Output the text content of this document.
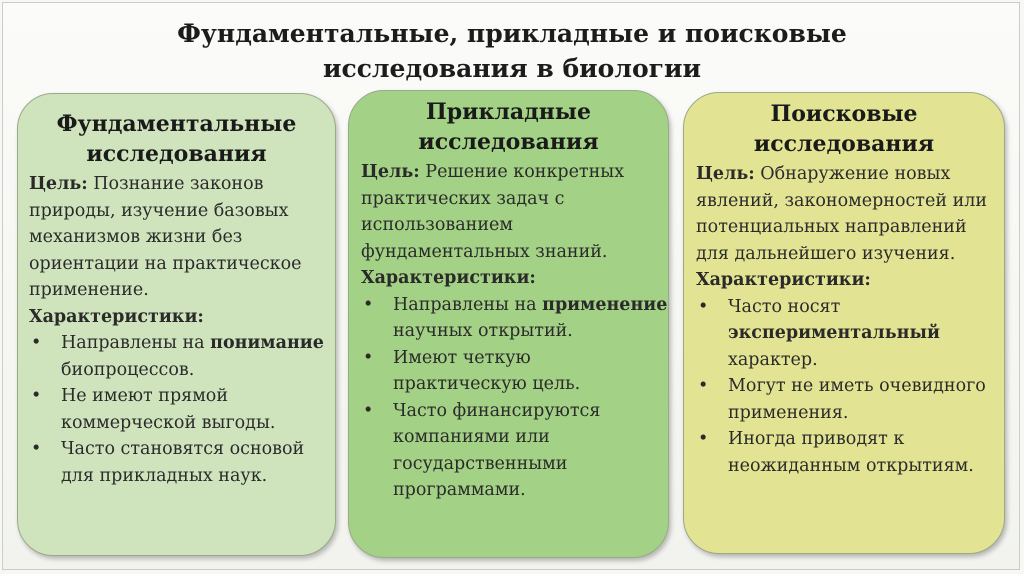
Фундаментальные, прикладные и поисковые
исследования в биологии
Фундаментальные
исследования
Цель: Познание законов природы, изучение базовых механизмов жизни без ориентации на практическое применение.
Характеристики:
• Направлены на понимание биопроцессов.
• Не имеют прямой коммерческой выгоды.
• Часто становятся основой для прикладных наук.
Прикладные
исследования
Цель: Решение конкретных практических задач с использованием фундаментальных знаний.
Характеристики:
• Направлены на применение научных открытий.
• Имеют четкую практическую цель.
• Часто финансируются компаниями или государственными программами.
Поисковые
исследования
Цель: Обнаружение новых явлений, закономерностей или потенциальных направлений для дальнейшего изучения.
Характеристики:
• Часто носят экспериментальный характер.
• Могут не иметь очевидного применения.
• Иногда приводят к неожиданным открытиям.
